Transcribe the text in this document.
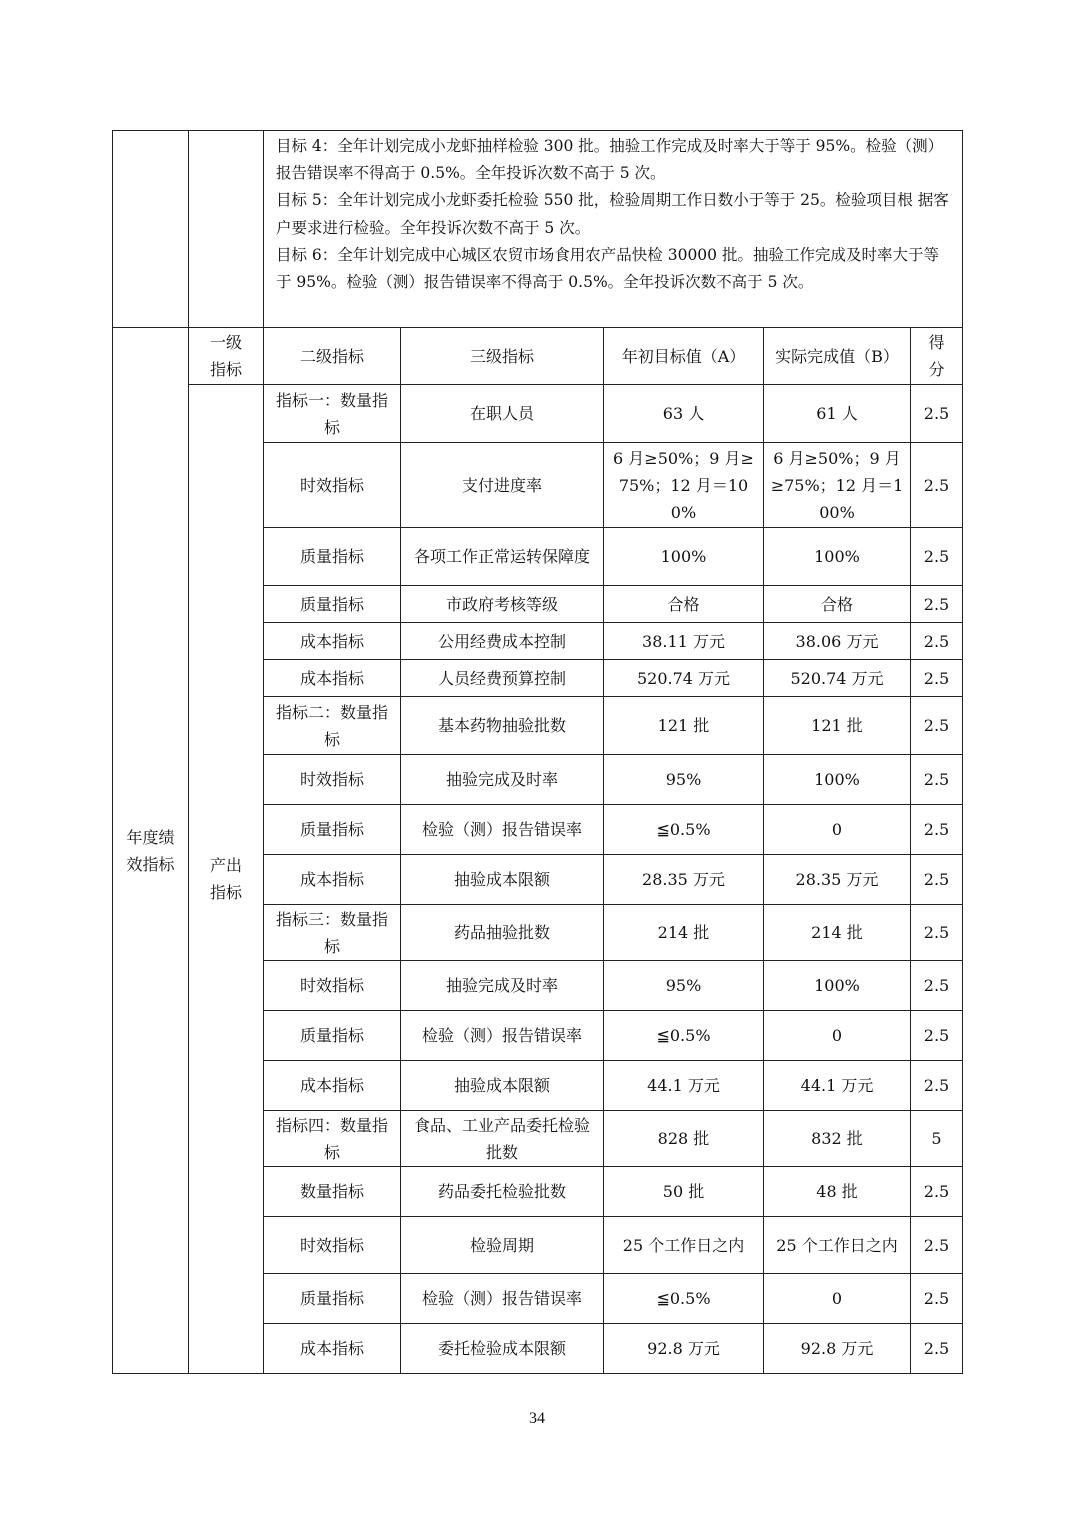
		目标 4：全年计划完成小龙虾抽样检验 300 批。抽验工作完成及时率大于等于 95%。检验（测）报告错误率不得高于 0.5%。全年投诉次数不高于 5 次。

目标 5：全年计划完成小龙虾委托检验 550 批，检验周期工作日数小于等于 25。检验项目根 据客户要求进行检验。全年投诉次数不高于 5 次。

目标 6：全年计划完成中心城区农贸市场食用农产品快检 30000 批。抽验工作完成及时率大于等于 95%。检验（测）报告错误率不得高于 0.5%。全年投诉次数不高于 5 次。				

年度绩效指标	一级指标	二级指标	三级指标	年初目标值（A）	实际完成值（B）	得分
	产出指标	指标一：数量指标	在职人员	63 人	61 人	2.5
		时效指标	支付进度率	6 月≥50%；9 月≥75%；12 月＝100%	6 月≥50%；9 月≥75%；12 月＝100%	2.5
		质量指标	各项工作正常运转保障度	100%	100%	2.5
		质量指标	市政府考核等级	合格	合格	2.5
		成本指标	公用经费成本控制	38.11 万元	38.06 万元	2.5
		成本指标	人员经费预算控制	520.74 万元	520.74 万元	2.5
		指标二：数量指标	基本药物抽验批数	121 批	121 批	2.5
		时效指标	抽验完成及时率	95%	100%	2.5
		质量指标	检验（测）报告错误率	≦0.5%	0	2.5
		成本指标	抽验成本限额	28.35 万元	28.35 万元	2.5
		指标三：数量指标	药品抽验批数	214 批	214 批	2.5
		时效指标	抽验完成及时率	95%	100%	2.5
		质量指标	检验（测）报告错误率	≦0.5%	0	2.5
		成本指标	抽验成本限额	44.1 万元	44.1 万元	2.5
		指标四：数量指标	食品、工业产品委托检验批数	828 批	832 批	5
		数量指标	药品委托检验批数	50 批	48 批	2.5
		时效指标	检验周期	25 个工作日之内	25 个工作日之内	2.5
		质量指标	检验（测）报告错误率	≦0.5%	0	2.5
		成本指标	委托检验成本限额	92.8 万元	92.8 万元	2.5
34
